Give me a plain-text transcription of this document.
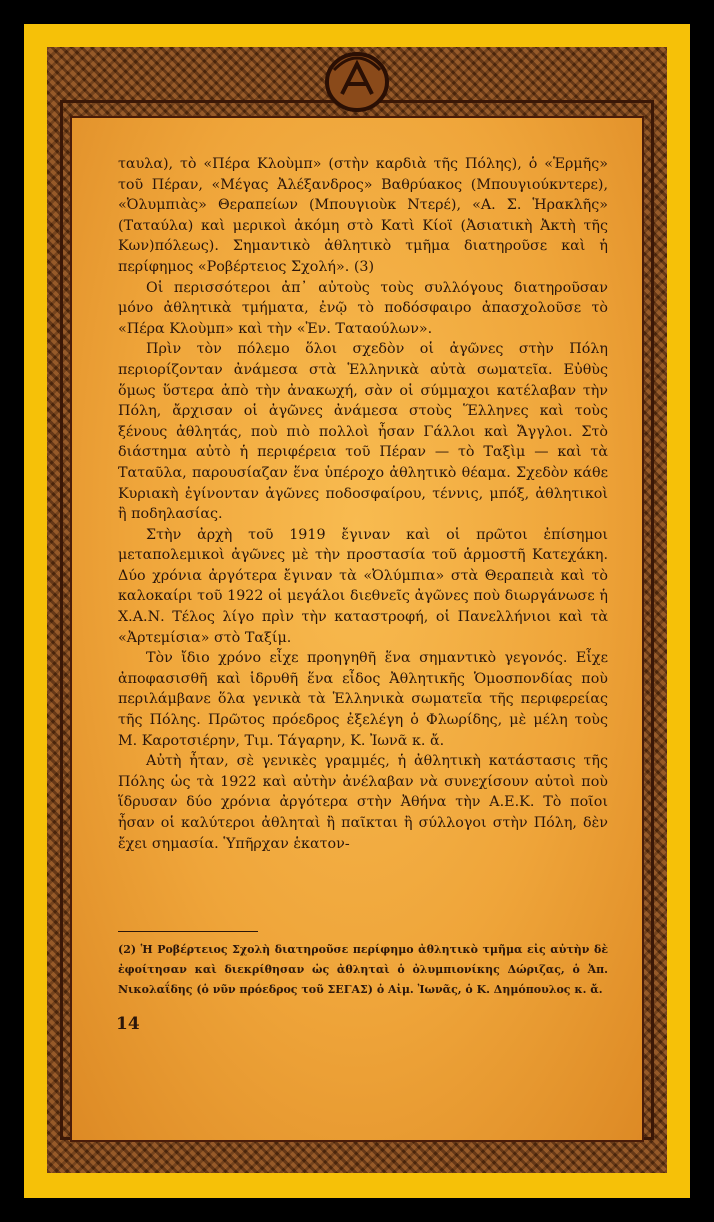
ταυλα), τὸ «Πέρα Κλοὺμπ» (στὴν καρδιὰ τῆς Πόλης), ὁ «Ἑρμῆς» τοῦ Πέραν, «Μέγας Ἀλέξανδρος» Βαθρύακος (Μπουγιούκντερε), «Ὀλυμπιὰς» Θεραπείων (Μπουγιοὺκ Ντερέ), «Α. Σ. Ἡρακλῆς» (Ταταύλα) καὶ μερικοὶ ἀκόμη στὸ Κατὶ Κίοϊ (Ἀσιατικὴ Ἀκτὴ τῆς Κων)πόλεως). Σημαντικὸ ἀθλητικὸ τμῆμα διατηροῦσε καὶ ἡ περίφημος «Ροβέρτειος Σχολή». (3)

Οἱ περισσότεροι ἀπ᾽ αὐτοὺς τοὺς συλλόγους διατηροῦσαν μόνο ἀθλητικὰ τμήματα, ἐνῷ τὸ ποδόσφαιρο ἀπασχολοῦσε τὸ «Πέρα Κλοὺμπ» καὶ τὴν «Ἐν. Ταταούλων».

Πρὶν τὸν πόλεμο ὅλοι σχεδὸν οἱ ἀγῶνες στὴν Πόλη περιορίζονταν ἀνάμεσα στὰ Ἑλληνικὰ αὐτὰ σωματεῖα. Εὐθὺς ὅμως ὕστερα ἀπὸ τὴν ἀνακωχή, σὰν οἱ σύμμαχοι κατέλαβαν τὴν Πόλη, ἄρχισαν οἱ ἀγῶνες ἀνάμεσα στοὺς Ἕλληνες καὶ τοὺς ξένους ἀθλητάς, ποὺ πιὸ πολλοὶ ἦσαν Γάλλοι καὶ Ἄγγλοι. Στὸ διάστημα αὐτὸ ἡ περιφέρεια τοῦ Πέραν — τὸ Ταξὶμ — καὶ τὰ Ταταῦλα, παρουσίαζαν ἕνα ὑπέροχο ἀθλητικὸ θέαμα. Σχεδὸν κάθε Κυριακὴ ἐγίνονταν ἀγῶνες ποδοσφαίρου, τέννις, μπόξ, ἀθλητικοὶ ἢ ποδηλασίας.

Στὴν ἀρχὴ τοῦ 1919 ἔγιναν καὶ οἱ πρῶτοι ἐπίσημοι μεταπολεμικοὶ ἀγῶνες μὲ τὴν προστασία τοῦ ἁρμοστῆ Κατεχάκη. Δύο χρόνια ἀργότερα ἔγιναν τὰ «Ὀλύμπια» στὰ Θεραπειὰ καὶ τὸ καλοκαίρι τοῦ 1922 οἱ μεγάλοι διεθνεῖς ἀγῶνες ποὺ διωργάνωσε ἡ Χ.Α.Ν. Τέλος λίγο πρὶν τὴν καταστροφή, οἱ Πανελλήνιοι καὶ τὰ «Ἀρτεμίσια» στὸ Ταξίμ.

Τὸν ἴδιο χρόνο εἶχε προηγηθῆ ἕνα σημαντικὸ γεγονός. Εἶχε ἀποφασισθῆ καὶ ἱδρυθῆ ἕνα εἶδος Ἀθλητικῆς Ὁμοσπονδίας ποὺ περιλάμβανε ὅλα γενικὰ τὰ Ἑλληνικὰ σωματεῖα τῆς περιφερείας τῆς Πόλης. Πρῶτος πρόεδρος ἐξελέγη ὁ Φλωρίδης, μὲ μέλη τοὺς Μ. Καροτσιέρην, Τιμ. Τάγαρην, Κ. Ἰωνᾶ κ. ἄ.

Αὐτὴ ἦταν, σὲ γενικὲς γραμμές, ἡ ἀθλητικὴ κατάστασις τῆς Πόλης ὡς τὰ 1922 καὶ αὐτὴν ἀνέλαβαν νὰ συνεχίσουν αὐτοὶ ποὺ ἵδρυσαν δύο χρόνια ἀργότερα στὴν Ἀθήνα τὴν Α.Ε.Κ. Τὸ ποῖοι ἦσαν οἱ καλύτεροι ἀθληταὶ ἢ παῖκται ἢ σύλλογοι στὴν Πόλη, δὲν ἔχει σημασία. Ὑπῆρχαν ἑκατον-

(2) Ἡ Ροβέρτειος Σχολὴ διατηροῦσε περίφημο ἀθλητικὸ τμῆμα εἰς αὐτὴν δὲ ἐφοίτησαν καὶ διεκρίθησαν ὡς ἀθληταὶ ὁ ὀλυμπιονίκης Δώριζας, ὁ Ἀπ. Νικολαΐδης (ὁ νῦν πρόεδρος τοῦ ΣΕΓΑΣ) ὁ Αἰμ. Ἰωνᾶς, ὁ Κ. Δημόπουλος κ. ἄ.
14
